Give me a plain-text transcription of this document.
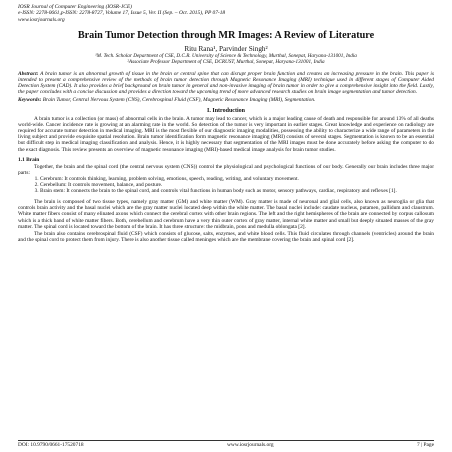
IOSR Journal of Computer Engineering (IOSR-JCE)
e-ISSN: 2278-0661,p-ISSN: 2278-8727, Volume 17, Issue 5, Ver. II (Sep. – Oct. 2015), PP 07-18
www.iosrjournals.org
Brain Tumor Detection through MR Images: A Review of Literature
Ritu Rana¹, Parvinder Singh²
¹M. Tech. Scholar Department of CSE, D.C.R. University of Science & Technology, Murthal, Sonepat, Haryana-131001, India
²Associate Professor Department of CSE, DCRUST, Murthal, Sonepat, Haryana-131001, India
Abstract: A brain tumor is an abnormal growth of tissue in the brain or central spine that can disrupt proper brain function and creates an increasing pressure in the brain. This paper is intended to present a comprehensive review of the methods of brain tumor detection through Magnetic Resonance Imaging (MRI) technique used in different stages of Computer Aided Detection System (CAD). It also provides a brief background on brain tumor in general and non-invasive imaging of brain tumor in order to give a comprehensive insight into the field. Lastly, the paper concludes with a concise discussion and provides a direction toward the upcoming trend of more advanced research studies on brain image segmentation and tumor detection.
Keywords: Brain Tumor, Central Nervous System (CNS), Cerebrospinal Fluid (CSF), Magnetic Resonance Imaging (MRI), Segmentation.
I. Introduction

A brain tumor is a collection (or mass) of abnormal cells in the brain. A tumor may lead to cancer, which is a major leading cause of death and responsible for around 13% of all deaths world-wide. Cancer incidence rate is growing at an alarming rate in the world. So detection of the tumor is very important in earlier stages. Great knowledge and experience on radiology are required for accurate tumor detection in medical imaging. MRI is the most flexible of our diagnostic imaging modalities, possessing the ability to characterize a wide range of parameters in the living subject and provide exquisite spatial resolution. Brain tumor identification form magnetic resonance imaging (MRI) consists of several stages. Segmentation is known to be an essential but difficult step in medical imaging classification and analysis. Hence, it is highly necessary that segmentation of the MRI images must be done accurately before asking the computer to do the exact diagnosis. This review presents an overview of magnetic resonance imaging (MRI)-based medical image analysis for brain tumor studies.

1.1 Brain

Together, the brain and the spinal cord (the central nervous system (CNS)) control the physiological and psychological functions of our body. Generally our brain includes three major parts:

1. Cerebrum: It controls thinking, learning, problem solving, emotions, speech, reading, writing, and voluntary movement.
2. Cerebellum: It controls movement, balance, and posture.
3. Brain stem: It connects the brain to the spinal cord, and controls vital functions in human body such as motor, sensory pathways, cardiac, respiratory and reflexes [1].

The brain is composed of two tissue types, namely gray matter (GM) and white matter (WM). Gray matter is made of neuronal and glial cells, also known as neuroglia or glia that controls brain activity and the basal nuclei which are the gray matter nuclei located deep within the white matter. The basal nuclei include: caudate nucleus, putamen, pallidum and claustrum. White matter fibers consist of many elinated axons which connect the cerebral cortex with other brain regions. The left and the right hemispheres of the brain are connected by corpus callosum which is a thick band of white matter fibers. Both, cerebellum and cerebrum have a very thin outer cortex of gray matter, internal white matter and small but deeply situated masses of the gray matter. The spinal cord is located toward the bottom of the brain. It has three structure: the midbrain, pons and medulla oblongata [2].

The brain also contains cerebrospinal fluid (CSF) which consists of glucose, salts, enzymes, and white blood cells. This fluid circulates through channels (ventricles) around the brain and the spinal cord to protect them from injury. There is also another tissue called meninges which are the membrane covering the brain and spinal cord [2].

DOI: 10.9790/0661-17520718	www.iosrjournals.org	7 | Page
